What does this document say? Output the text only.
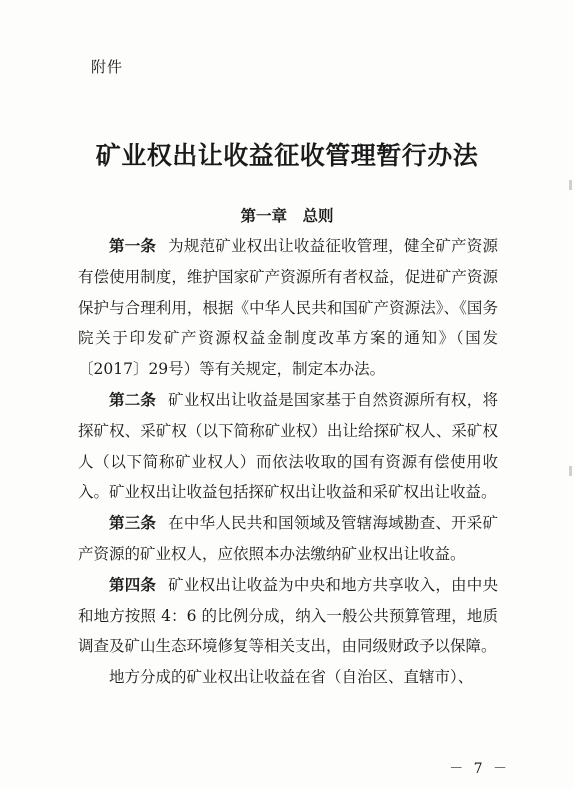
附件
矿业权出让收益征收管理暂行办法
第一章　总则

第一条 为规范矿业权出让收益征收管理，健全矿产资源有偿使用制度，维护国家矿产资源所有者权益，促进矿产资源保护与合理利用，根据《中华人民共和国矿产资源法》、《国务院关于印发矿产资源权益金制度改革方案的通知》（国发〔2017〕29号）等有关规定，制定本办法。

第二条 矿业权出让收益是国家基于自然资源所有权，将探矿权、采矿权（以下简称矿业权）出让给探矿权人、采矿权人（以下简称矿业权人）而依法收取的国有资源有偿使用收入。矿业权出让收益包括探矿权出让收益和采矿权出让收益。

第三条 在中华人民共和国领域及管辖海域勘查、开采矿产资源的矿业权人，应依照本办法缴纳矿业权出让收益。

第四条 矿业权出让收益为中央和地方共享收入，由中央和地方按照 4：6 的比例分成，纳入一般公共预算管理，地质调查及矿山生态环境修复等相关支出，由同级财政予以保障。

地方分成的矿业权出让收益在省（自治区、直辖市）、

－ 7 －
